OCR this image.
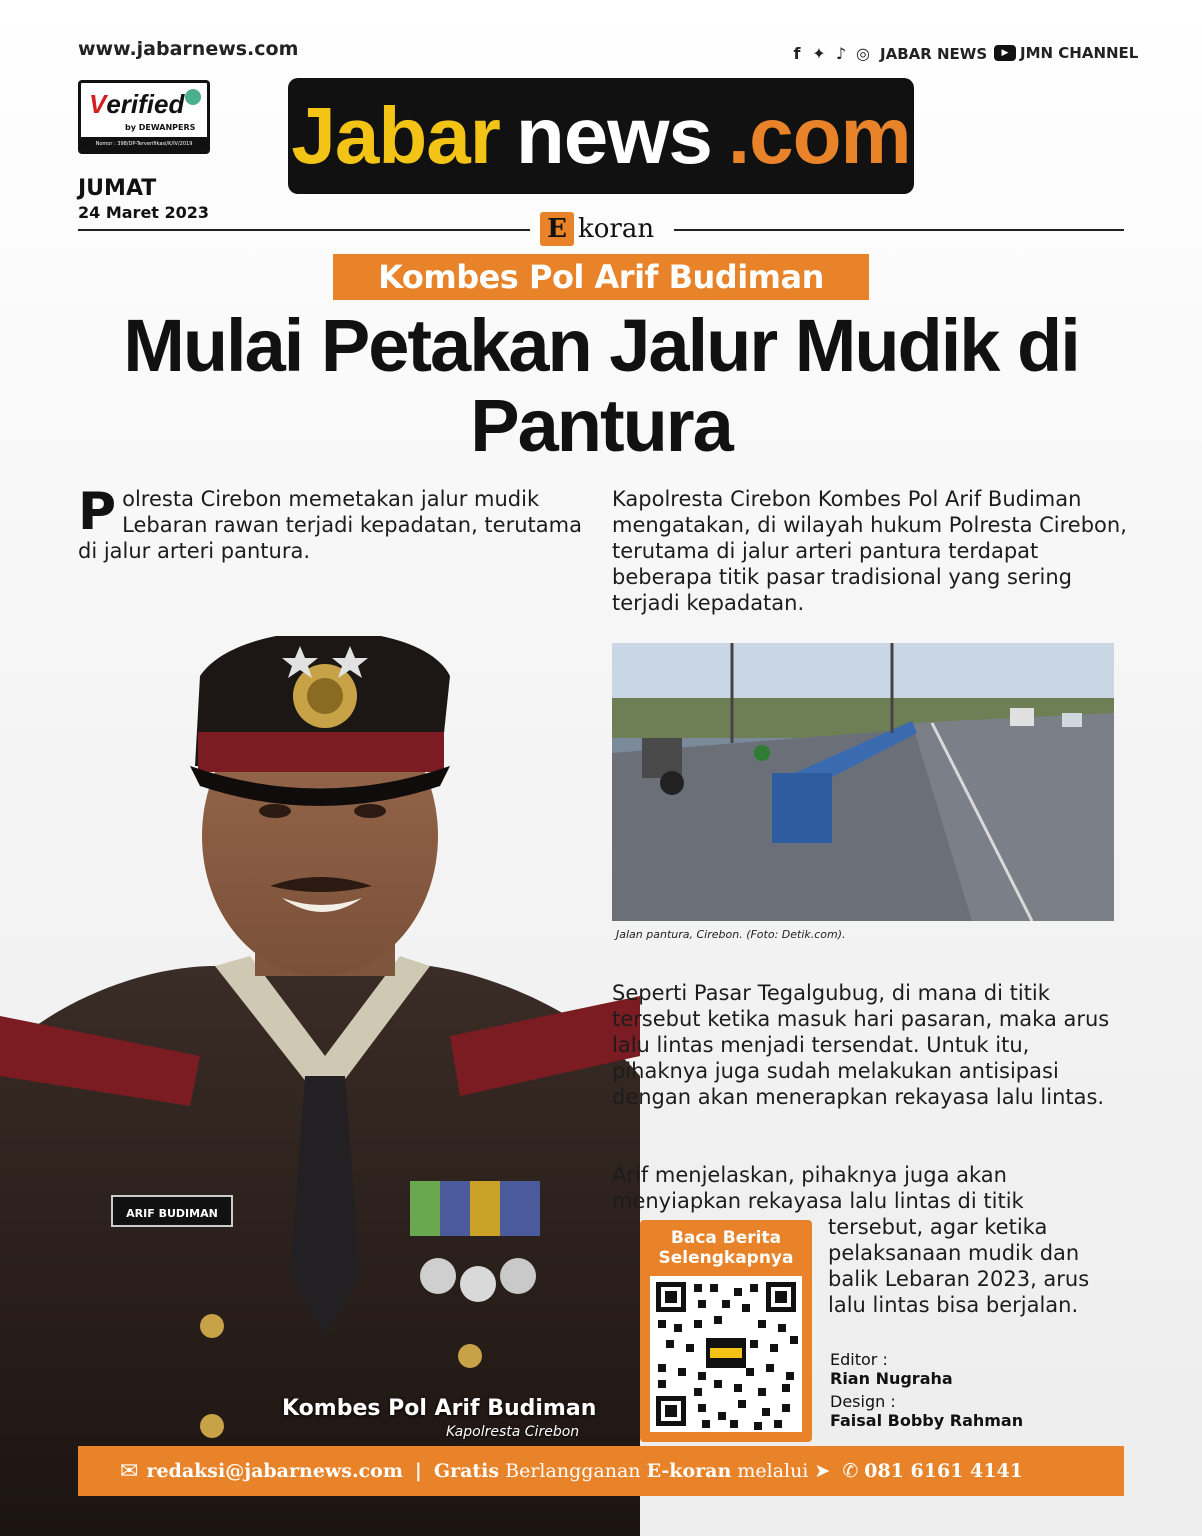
ARIF BUDIMAN
www.jabarnews.com	f ✦ ♪ ◎ JABAR NEWS	▶ JMN CHANNEL
Verified
by DEWANPERS
Nomor : 398/DP-Terverifikasi/K/IV/2019 Jabar news .com
JUMAT
24 Maret 2023
E koran
Kombes Pol Arif Budiman
Mulai Petakan Jalur Mudik di Pantura
P olresta Cirebon memetakan jalur mudik Lebaran rawan terjadi kepadatan, terutama di jalur arteri pantura.
Kapolresta Cirebon Kombes Pol Arif Budiman mengatakan, di wilayah hukum Polresta Cirebon, terutama di jalur arteri pantura terdapat beberapa titik pasar tradisional yang sering terjadi kepadatan.
Jalan pantura, Cirebon. (Foto: Detik.com).
Seperti Pasar Tegalgubug, di mana di titik tersebut ketika masuk hari pasaran, maka arus lalu lintas menjadi tersendat. Untuk itu, pihaknya juga sudah melakukan antisipasi dengan akan menerapkan rekayasa lalu lintas.
Arif menjelaskan, pihaknya juga akan menyiapkan rekayasa lalu lintas di titik
tersebut, agar ketika pelaksanaan mudik dan balik Lebaran 2023, arus lalu lintas bisa berjalan.
Baca Berita
Selengkapnya
Editor :
Rian Nugraha
Design :
Faisal Bobby Rahman
Kombes Pol Arif Budiman
Kapolresta Cirebon
✉ redaksi@jabarnews.com | Gratis
Berlangganan
E-koran
melalui ➤ ✆ 081 6161 4141
